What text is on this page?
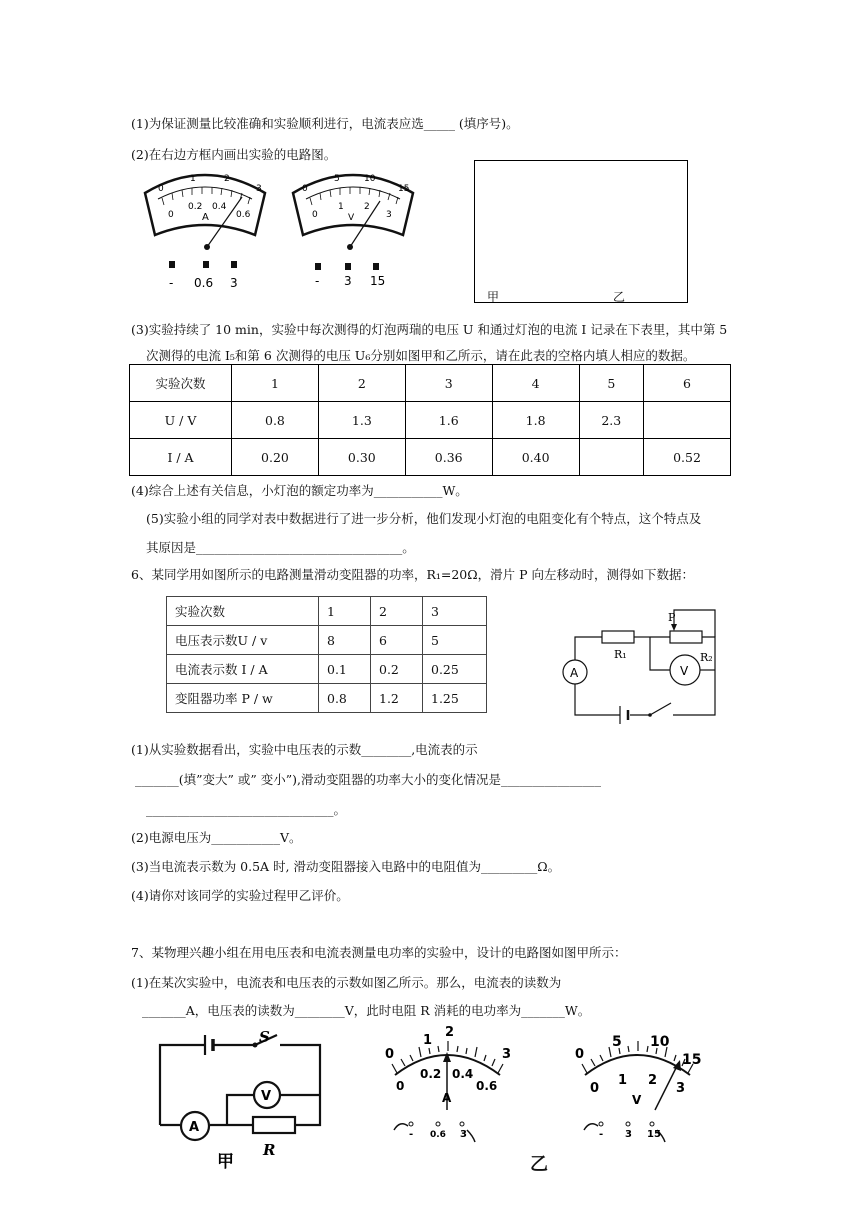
(1)为保证测量比较准确和实验顺利进行，电流表应选_____ (填序号)。
(2)在右边方框内画出实验的电路图。
0
1	2
3
0
0.2 0.4
0.6
A
- 0.6 3
0
5	10
15
0
1 2
3
V
- 3 15
甲	乙
(3)实验持续了 10 min，实验中每次测得的灯泡两瑞的电压 U 和通过灯泡的电流 I 记录在下表里，其中第 5
次测得的电流 I₅和第 6 次测得的电压 U₆分别如图甲和乙所示，请在此表的空格内填人相应的数据。
实验次数	1	2	3	4	5	6
U / V	0.8	1.3	1.6	1.8	2.3	
I / A	0.20	0.30	0.36	0.40		0.52
(4)综合上述有关信息，小灯泡的额定功率为___________W。
(5)实验小组的同学对表中数据进行了进一步分析，他们发现小灯泡的电阻变化有个特点，这个特点及
其原因是_________________________________。
6、某同学用如图所示的电路测量滑动变阻器的功率，R₁=20Ω，滑片 P 向左移动时，测得如下数据：
实验次数	1	2	3
电压表示数U / v	8	6	5
电流表示数 I / A	0.1	0.2	0.25
变阻器功率 P / w	0.8	1.2	1.25
P
R₁	R₂
A	V
(1)从实验数据看出，实验中电压表的示数________,电流表的示
_______(填”变大” 或” 变小”),滑动变阻器的功率大小的变化情况是________________
______________________________。
(2)电源电压为___________V。
(3)当电流表示数为 0.5A 时, 滑动变阻器接入电路中的电阻值为_________Ω。
(4)请你对该同学的实验过程甲乙评价。
7、某物理兴趣小组在用电压表和电流表测量电功率的实验中，设计的电路图如图甲所示：
(1)在某次实验中，电流表和电压表的示数如图乙所示。那么，电流表的读数为
_______A，电压表的读数为________V，此时电阻 R 消耗的电功率为_______W。
S
V
A
R
甲
0
1
2
3
0
0.2 0.4
0.6
A
- 0.6 3
0
5 10
15
0
1 2
3
V
- 3 15
乙
